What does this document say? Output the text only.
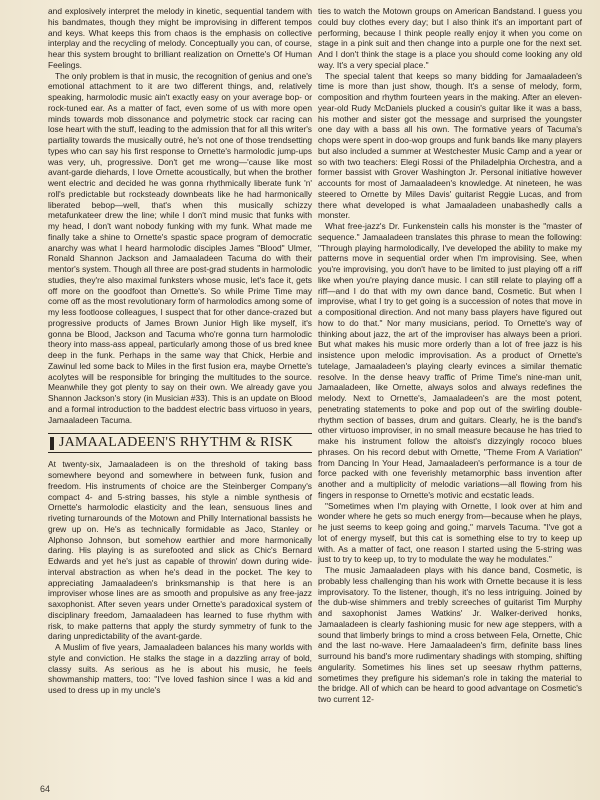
and explosively interpret the melody in kinetic, sequential tandem with his bandmates, though they might be improvising in different tempos and keys. What keeps this from chaos is the emphasis on collective interplay and the recycling of melody. Conceptually you can, of course, hear this system brought to brilliant realization on Ornette's Of Human Feelings.

The only problem is that in music, the recognition of genius and one's emotional attachment to it are two different things, and, relatively speaking, harmolodic music ain't exactly easy on your average bop- or rock-tuned ear. As a matter of fact, even some of us with more open minds towards mob dissonance and polymetric stock car racing can lose heart with the stuff, leading to the admission that for all this writer's partiality towards the musically outré, he's not one of those trendsetting types who can say his first response to Ornette's harmolodic jump-ups was very, uh, progressive. Don't get me wrong—'cause like most avant-garde diehards, I love Ornette acoustically, but when the brother went electric and decided he was gonna rhythmically liberate funk 'n' roll's predictable but rocksteady downbeats like he had harmonically liberated bebop—well, that's when this musically schizzy metafunkateer drew the line; while I don't mind music that funks with my head, I don't want nobody funking with my funk. What made me finally take a shine to Ornette's spastic space program of democratic anarchy was what I heard harmolodic disciples James "Blood" Ulmer, Ronald Shannon Jackson and Jamaaladeen Tacuma do with their mentor's system. Though all three are post-grad students in harmolodic studies, they're also maximal funksters whose music, let's face it, gets off more on the goodfoot than Ornette's. So while Prime Time may come off as the most revolutionary form of harmolodics among some of my less footloose colleagues, I suspect that for other dance-crazed but progressive products of James Brown Junior High like myself, it's gonna be Blood, Jackson and Tacuma who're gonna turn harmolodic theory into mass-ass appeal, particularly among those of us bred knee deep in the funk. Perhaps in the same way that Chick, Herbie and Zawinul led some back to Miles in the first fusion era, maybe Ornette's acolytes will be responsible for bringing the multitudes to the source. Meanwhile they got plenty to say on their own. We already gave you Shannon Jackson's story (in Musician #33). This is an update on Blood and a formal introduction to the baddest electric bass virtuoso in years, Jamaaladeen Tacuma.

JAMAALADEEN'S RHYTHM & RISK

At twenty-six, Jamaaladeen is on the threshold of taking bass somewhere beyond and somewhere in between funk, fusion and freedom. His instruments of choice are the Steinberger Company's compact 4- and 5-string basses, his style a nimble synthesis of Ornette's harmolodic elasticity and the lean, sensuous lines and riveting turnarounds of the Motown and Philly International bassists he grew up on. He's as technically formidable as Jaco, Stanley or Alphonso Johnson, but somehow earthier and more harmonically daring. His playing is as surefooted and slick as Chic's Bernard Edwards and yet he's just as capable of throwin' down during wide-interval abstraction as when he's dead in the pocket. The key to appreciating Jamaaladeen's brinksmanship is that here is an improviser whose lines are as smooth and propulsive as any free-jazz saxophonist. After seven years under Ornette's paradoxical system of disciplinary freedom, Jamaaladeen has learned to fuse rhythm with risk, to make patterns that apply the sturdy symmetry of funk to the daring unpredictability of the avant-garde.

A Muslim of five years, Jamaaladeen balances his many worlds with style and conviction. He stalks the stage in a dazzling array of bold, classy suits. As serious as he is about his music, he feels showmanship matters, too: "I've loved fashion since I was a kid and used to dress up in my uncle's

ties to watch the Motown groups on American Bandstand. I guess you could buy clothes every day; but I also think it's an important part of performing, because I think people really enjoy it when you come on stage in a pink suit and then change into a purple one for the next set. And I don't think the stage is a place you should come looking any old way. It's a very special place."

The special talent that keeps so many bidding for Jamaaladeen's time is more than just show, though. It's a sense of melody, form, composition and rhythm fourteen years in the making. After an eleven-year-old Rudy McDaniels plucked a cousin's guitar like it was a bass, his mother and sister got the message and surprised the youngster one day with a bass all his own. The formative years of Tacuma's chops were spent in doo-wop groups and funk bands like many players but also included a summer at Westchester Music Camp and a year or so with two teachers: Elegi Rossi of the Philadelphia Orchestra, and a former bassist with Grover Washington Jr. Personal initiative however accounts for most of Jamaaladeen's knowledge. At nineteen, he was steered to Ornette by Miles Davis' guitarist Reggie Lucas, and from there what developed is what Jamaaladeen unabashedly calls a monster.

What free-jazz's Dr. Funkenstein calls his monster is the "master of sequence." Jamaaladeen translates this phrase to mean the following: "Through playing harmolodically, I've developed the ability to make my patterns move in sequential order when I'm improvising. See, when you're improvising, you don't have to be limited to just playing off a riff like when you're playing dance music. I can still relate to playing off a riff—and I do that with my own dance band, Cosmetic. But when I improvise, what I try to get going is a succession of notes that move in a compositional direction. And not many bass players have figured out how to do that." Nor many musicians, period. To Ornette's way of thinking about jazz, the art of the improviser has always been a priori. But what makes his music more orderly than a lot of free jazz is his insistence upon melodic improvisation. As a product of Ornette's tutelage, Jamaaladeen's playing clearly evinces a similar thematic resolve. In the dense heavy traffic of Prime Time's nine-man unit, Jamaaladeen, like Ornette, always solos and always redefines the melody. Next to Ornette's, Jamaaladeen's are the most potent, penetrating statements to poke and pop out of the swirling double-rhythm section of basses, drum and guitars. Clearly, he is the band's other virtuoso improviser, in no small measure because he has tried to make his instrument follow the altoist's dizzyingly rococo blues phrases. On his record debut with Ornette, "Theme From A Variation" from Dancing In Your Head, Jamaaladeen's performance is a tour de force packed with one feverishly metamorphic bass invention after another and a multiplicity of melodic variations—all flowing from his fingers in response to Ornette's motivic and ecstatic leads.

"Sometimes when I'm playing with Ornette, I look over at him and wonder where he gets so much energy from—because when he plays, he just seems to keep going and going," marvels Tacuma. "I've got a lot of energy myself, but this cat is something else to try to keep up with. As a matter of fact, one reason I started using the 5-string was just to try to keep up, to try to modulate the way he modulates."

The music Jamaaladeen plays with his dance band, Cosmetic, is probably less challenging than his work with Ornette because it is less improvisatory. To the listener, though, it's no less intriguing. Joined by the dub-wise shimmers and trebly screeches of guitarist Tim Murphy and saxophonist James Watkins' Jr. Walker-derived honks, Jamaaladeen is clearly fashioning music for new age steppers, with a sound that limberly brings to mind a cross between Fela, Ornette, Chic and the last no-wave. Here Jamaaladeen's firm, definite bass lines surround his band's more rudimentary shadings with stomping, shifting angularity. Sometimes his lines set up seesaw rhythm patterns, sometimes they prefigure his sideman's role in taking the material to the bridge. All of which can be heard to good advantage on Cosmetic's two current 12-

64
